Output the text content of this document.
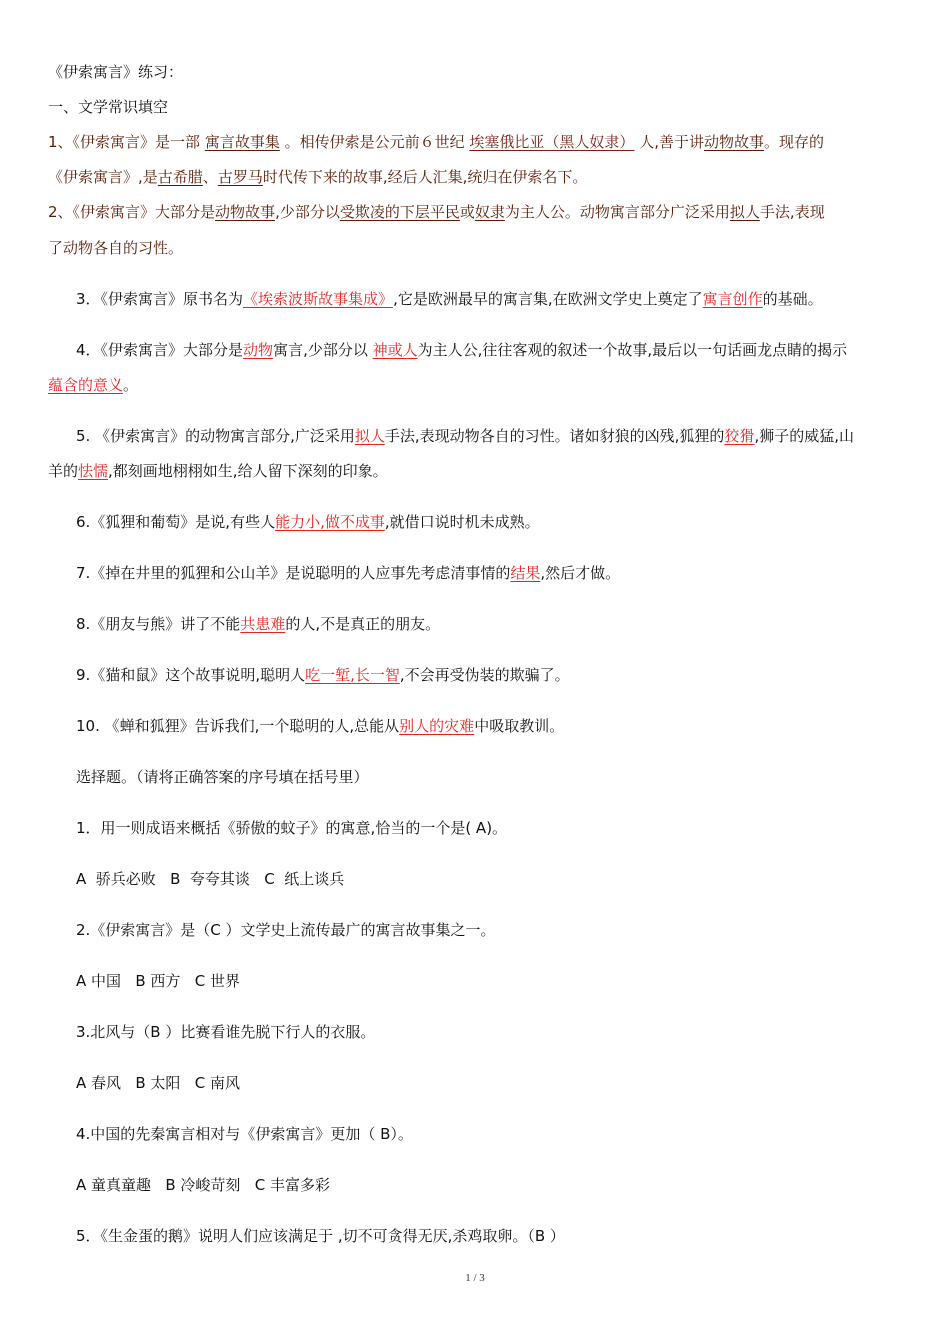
《伊索寓言》练习：
一、文学常识填空
1、《伊索寓言》是一部 寓言故事集 。相传伊索是公元前６世纪 埃塞俄比亚（黑人奴隶） 人,善于讲动物故事。现存的
《伊索寓言》,是古希腊、古罗马时代传下来的故事,经后人汇集,统归在伊索名下。
2、《伊索寓言》大部分是动物故事,少部分以受欺凌的下层平民或奴隶为主人公。动物寓言部分广泛采用拟人手法,表现
了动物各自的习性。
3．《伊索寓言》原书名为《埃索波斯故事集成》,它是欧洲最早的寓言集,在欧洲文学史上奠定了寓言创作的基础。
4．《伊索寓言》大部分是动物寓言,少部分以 神或人为主人公,往往客观的叙述一个故事,最后以一句话画龙点睛的揭示
蕴含的意义。
5. 《伊索寓言》的动物寓言部分,广泛采用拟人手法,表现动物各自的习性。诸如豺狼的凶残,狐狸的狡猾,狮子的威猛,山
羊的怯懦,都刻画地栩栩如生,给人留下深刻的印象。
6.《狐狸和葡萄》是说,有些人能力小,做不成事,就借口说时机未成熟。
7.《掉在井里的狐狸和公山羊》是说聪明的人应事先考虑清事情的结果,然后才做。
8.《朋友与熊》讲了不能共患难的人,不是真正的朋友。
9.《猫和鼠》这个故事说明,聪明人吃一堑,长一智,不会再受伪装的欺骗了。
10. 《蝉和狐狸》告诉我们,一个聪明的人,总能从别人的灾难中吸取教训。
选择题。（请将正确答案的序号填在括号里）
1．用一则成语来概括《骄傲的蚊子》的寓意,恰当的一个是( A)。
A  骄兵必败   B  夸夸其谈   C  纸上谈兵
2.《伊索寓言》是（C ）文学史上流传最广的寓言故事集之一。
A 中国   B 西方   C 世界
3.北风与（B ）比赛看谁先脱下行人的衣服。
A 春风   B 太阳   C 南风
4.中国的先秦寓言相对与《伊索寓言》更加（ B）。
A 童真童趣   B 冷峻苛刻   C 丰富多彩
5．《生金蛋的鹅》说明人们应该满足于 ,切不可贪得无厌,杀鸡取卵。（B ）
1 / 3
